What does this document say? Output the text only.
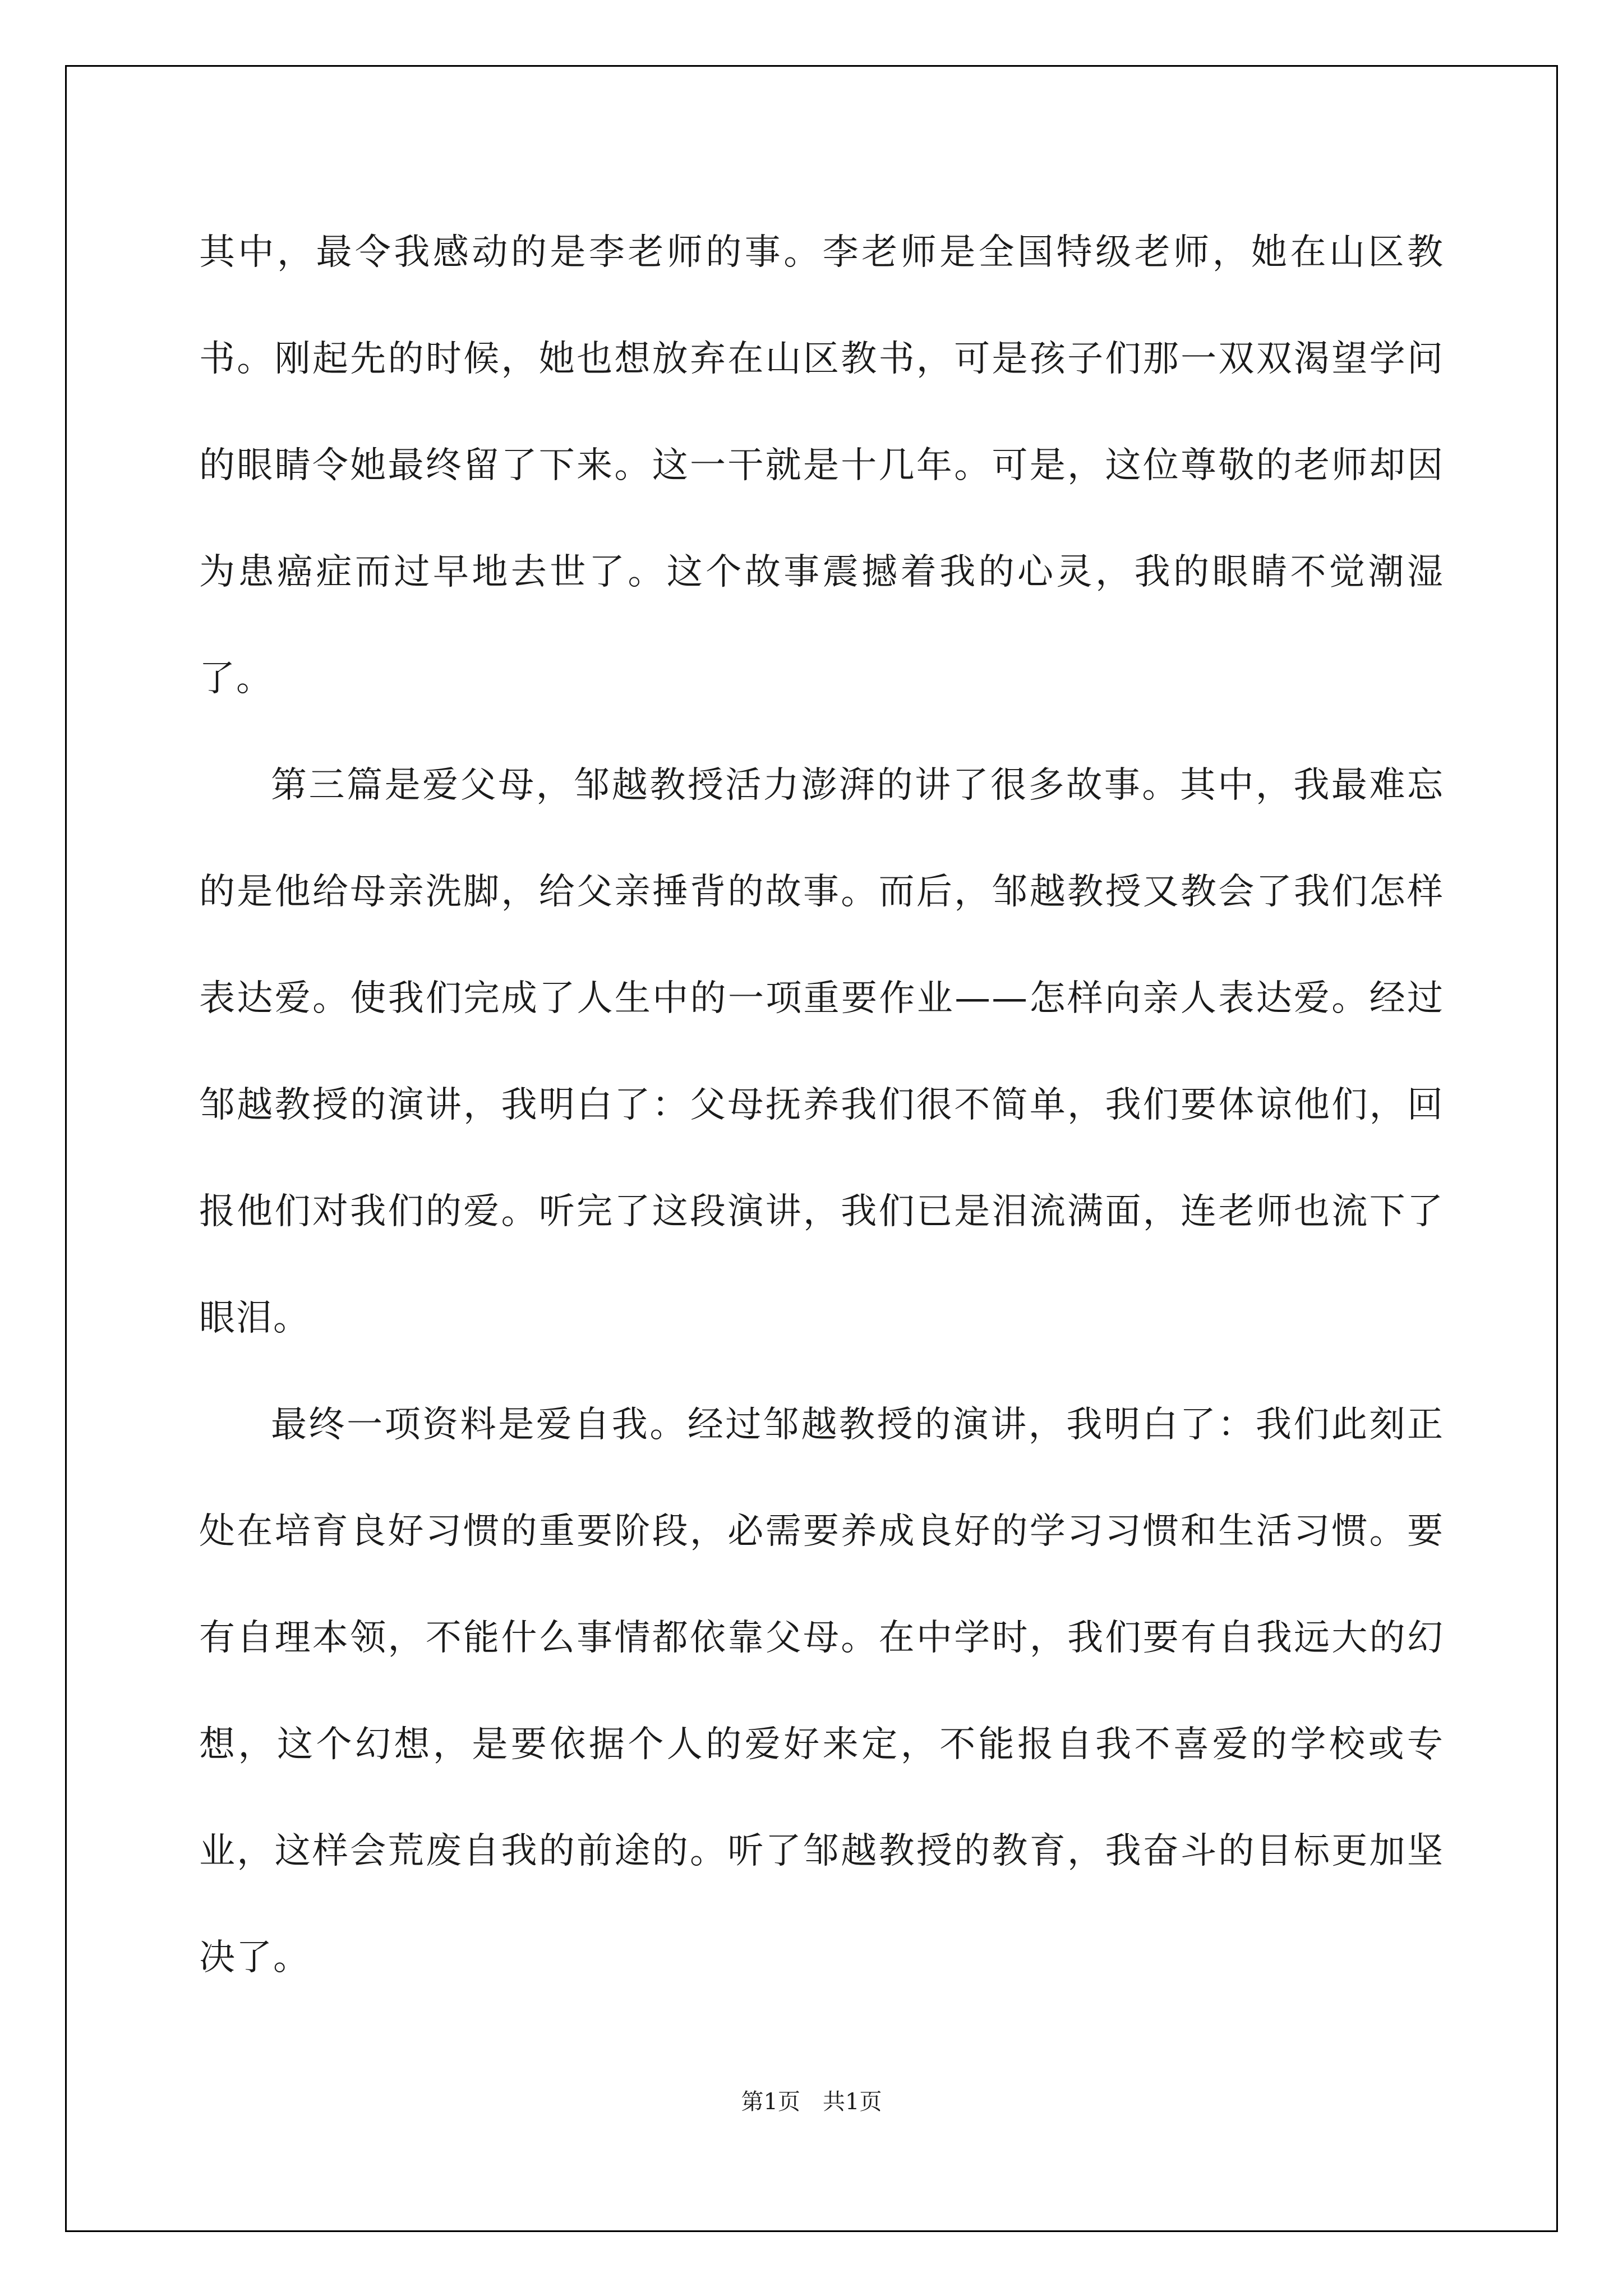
其中，最令我感动的是李老师的事。李老师是全国特级老师，她在山区教书。刚起先的时候，她也想放弃在山区教书，可是孩子们那一双双渴望学问的眼睛令她最终留了下来。这一干就是十几年。可是，这位尊敬的老师却因为患癌症而过早地去世了。这个故事震撼着我的心灵，我的眼睛不觉潮湿了。

第三篇是爱父母，邹越教授活力澎湃的讲了很多故事。其中，我最难忘的是他给母亲洗脚，给父亲捶背的故事。而后，邹越教授又教会了我们怎样表达爱。使我们完成了人生中的一项重要作业——怎样向亲人表达爱。经过邹越教授的演讲，我明白了：父母抚养我们很不简单，我们要体谅他们，回报他们对我们的爱。听完了这段演讲，我们已是泪流满面，连老师也流下了眼泪。

最终一项资料是爱自我。经过邹越教授的演讲，我明白了：我们此刻正处在培育良好习惯的重要阶段，必需要养成良好的学习习惯和生活习惯。要有自理本领，不能什么事情都依靠父母。在中学时，我们要有自我远大的幻想，这个幻想，是要依据个人的爱好来定，不能报自我不喜爱的学校或专业，这样会荒废自我的前途的。听了邹越教授的教育，我奋斗的目标更加坚决了。

第1页 共1页
